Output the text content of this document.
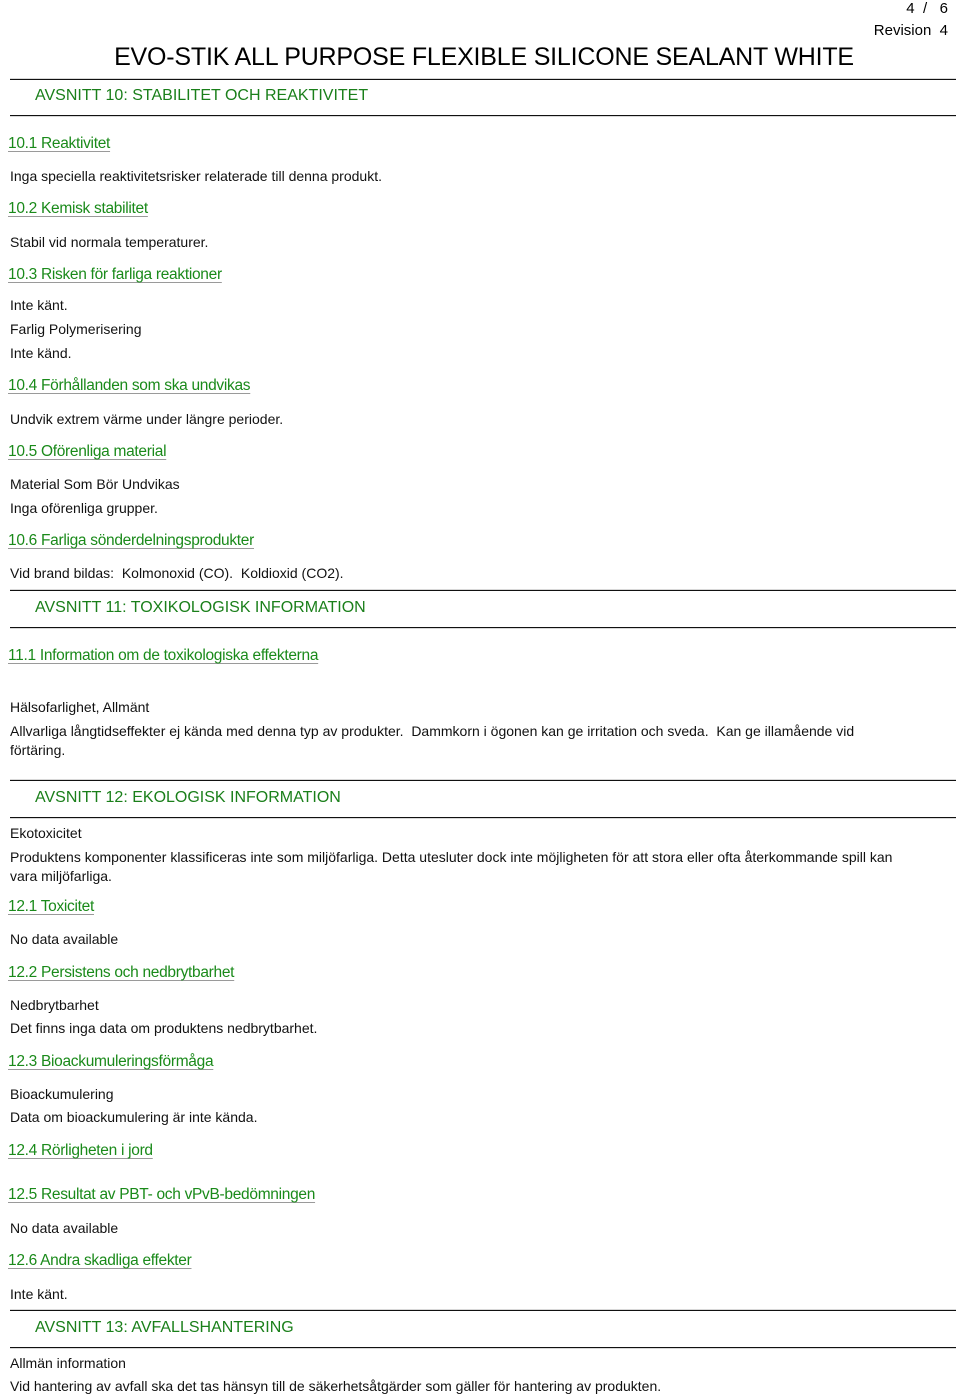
4 / 6
Revision 4
EVO-STIK ALL PURPOSE FLEXIBLE SILICONE SEALANT WHITE
AVSNITT 10: STABILITET OCH REAKTIVITET
10.1 Reaktivitet
Inga speciella reaktivitetsrisker relaterade till denna produkt.
10.2 Kemisk stabilitet
Stabil vid normala temperaturer.
10.3 Risken för farliga reaktioner
Inte känt.
Farlig Polymerisering
Inte känd.
10.4 Förhållanden som ska undvikas
Undvik extrem värme under längre perioder.
10.5 Oförenliga material
Material Som Bör Undvikas
Inga oförenliga grupper.
10.6 Farliga sönderdelningsprodukter
Vid brand bildas:  Kolmonoxid (CO).  Koldioxid (CO2).
AVSNITT 11: TOXIKOLOGISK INFORMATION
11.1 Information om de toxikologiska effekterna
Hälsofarlighet, Allmänt
Allvarliga långtidseffekter ej kända med denna typ av produkter.  Dammkorn i ögonen kan ge irritation och sveda.  Kan ge illamående vid förtäring.
AVSNITT 12: EKOLOGISK INFORMATION
Ekotoxicitet
Produktens komponenter klassificeras inte som miljöfarliga. Detta utesluter dock inte möjligheten för att stora eller ofta återkommande spill kan vara miljöfarliga.
12.1 Toxicitet
No data available
12.2 Persistens och nedbrytbarhet
Nedbrytbarhet
Det finns inga data om produktens nedbrytbarhet.
12.3 Bioackumuleringsförmåga
Bioackumulering
Data om bioackumulering är inte kända.
12.4 Rörligheten i jord
12.5 Resultat av PBT- och vPvB-bedömningen
No data available
12.6 Andra skadliga effekter
Inte känt.
AVSNITT 13: AVFALLSHANTERING
Allmän information
Vid hantering av avfall ska det tas hänsyn till de säkerhetsåtgärder som gäller för hantering av produkten.
